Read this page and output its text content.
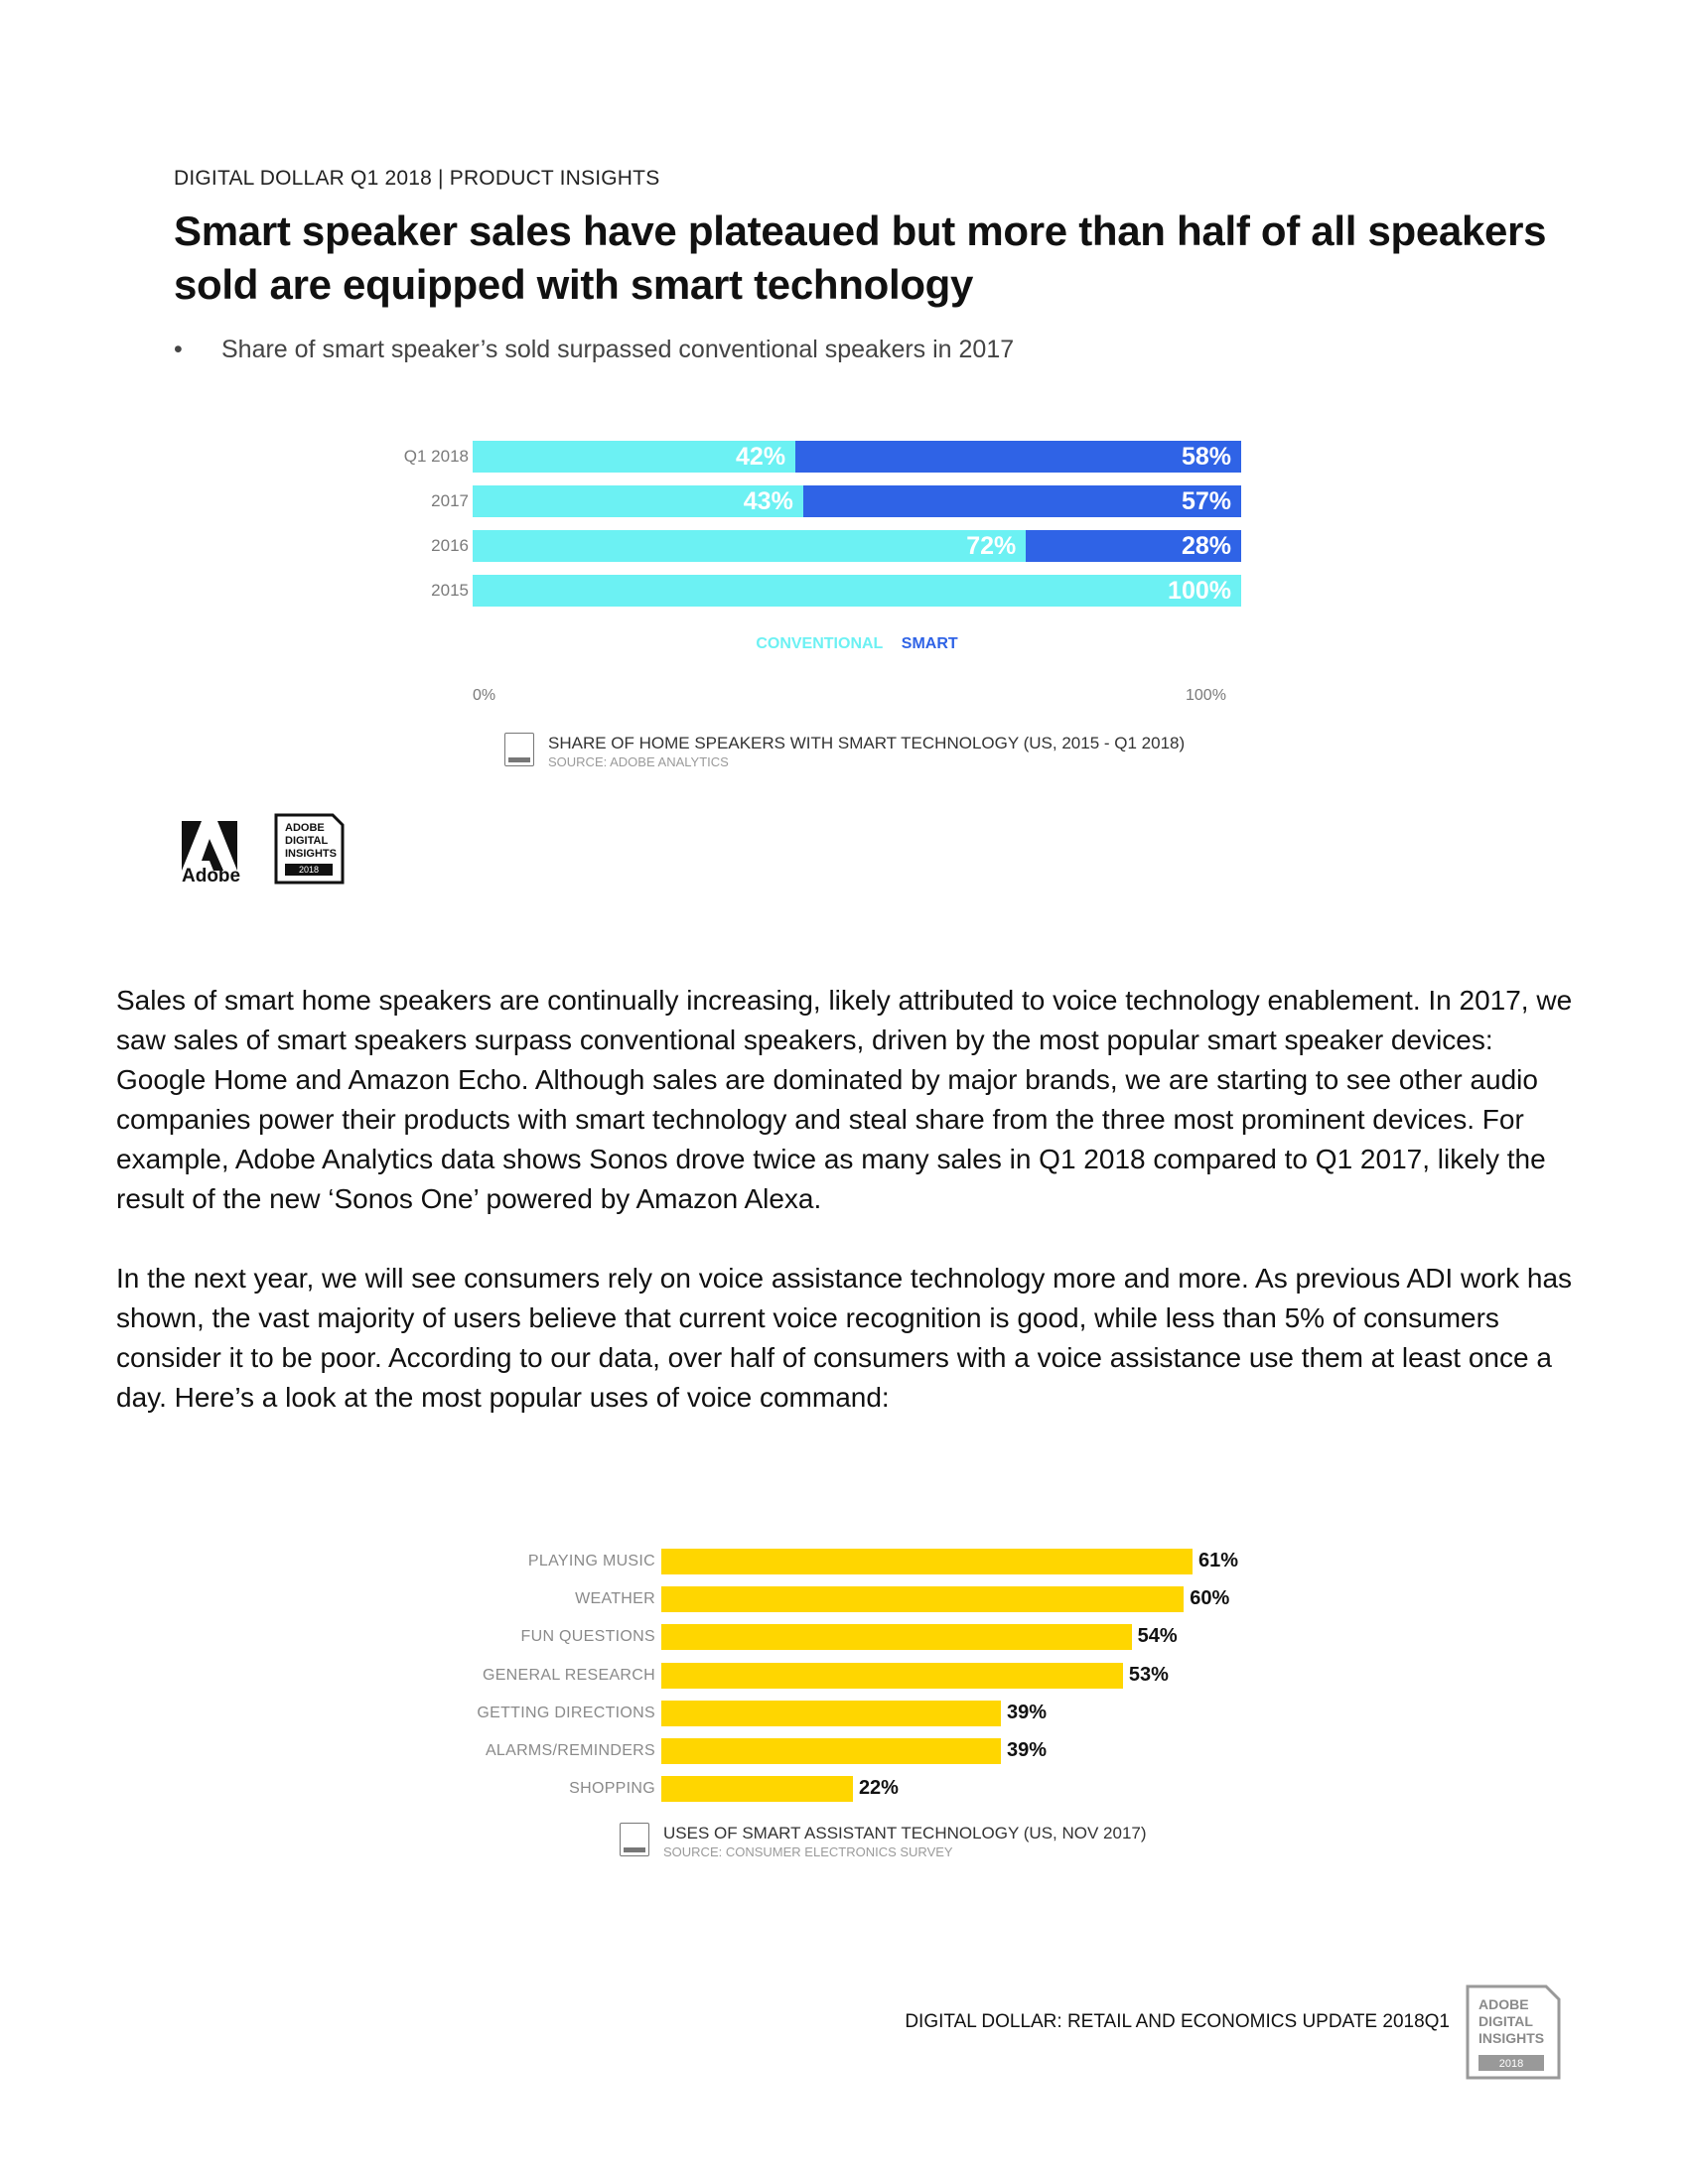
DIGITAL DOLLAR Q1 2018 | PRODUCT INSIGHTS
Smart speaker sales have plateaued but more than half of all speakers sold are equipped with smart technology
• Share of smart speaker’s sold surpassed conventional speakers in 2017
Q1 2018	42%	58%
2017	43%	57%
2016	72%	28%
2015	100%
CONVENTIONAL SMART
0%	100%
SHARE OF HOME SPEAKERS WITH SMART TECHNOLOGY (US, 2015 - Q1 2018)
SOURCE: ADOBE ANALYTICS
Adobe
ADOBE
DIGITAL
INSIGHTS
2018
Sales of smart home speakers are continually increasing, likely attributed to voice technology enablement. In 2017, we saw sales of smart speakers surpass conventional speakers, driven by the most popular smart speaker devices: Google Home and Amazon Echo. Although sales are dominated by major brands, we are starting to see other audio companies power their products with smart technology and steal share from the three most prominent devices. For example, Adobe Analytics data shows Sonos drove twice as many sales in Q1 2018 compared to Q1 2017, likely the result of the new ‘Sonos One’ powered by Amazon Alexa.
In the next year, we will see consumers rely on voice assistance technology more and more. As previous ADI work has shown, the vast majority of users believe that current voice recognition is good, while less than 5% of consumers consider it to be poor. According to our data, over half of consumers with a voice assistance use them at least once a day. Here’s a look at the most popular uses of voice command:
PLAYING MUSIC	61%
WEATHER	60%
FUN QUESTIONS	54%
GENERAL RESEARCH	53%
GETTING DIRECTIONS	39%
ALARMS/REMINDERS	39%
SHOPPING	22%
USES OF SMART ASSISTANT TECHNOLOGY (US, NOV 2017)
SOURCE: CONSUMER ELECTRONICS SURVEY
DIGITAL DOLLAR: RETAIL AND ECONOMICS UPDATE 2018Q1
ADOBE
DIGITAL
INSIGHTS
2018
